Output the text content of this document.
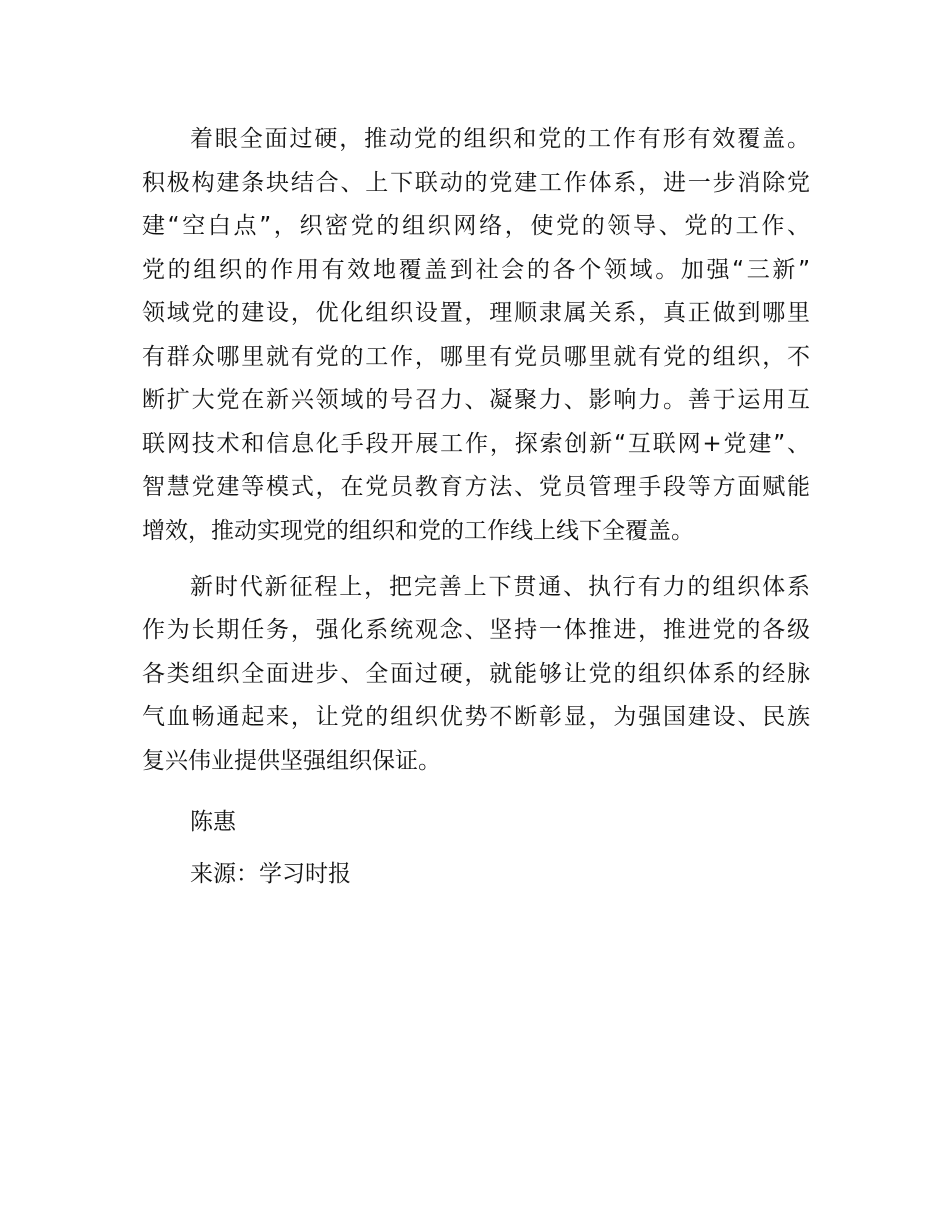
着眼全面过硬，推动党的组织和党的工作有形有效覆盖。
积极构建条块结合、上下联动的党建工作体系，进一步消除党
建“空白点”，织密党的组织网络，使党的领导、党的工作、
党的组织的作用有效地覆盖到社会的各个领域。加强“三新”
领域党的建设，优化组织设置，理顺隶属关系，真正做到哪里
有群众哪里就有党的工作，哪里有党员哪里就有党的组织，不
断扩大党在新兴领域的号召力、凝聚力、影响力。善于运用互
联网技术和信息化手段开展工作，探索创新“互联网+党建”、
智慧党建等模式，在党员教育方法、党员管理手段等方面赋能
增效，推动实现党的组织和党的工作线上线下全覆盖。
新时代新征程上，把完善上下贯通、执行有力的组织体系
作为长期任务，强化系统观念、坚持一体推进，推进党的各级
各类组织全面进步、全面过硬，就能够让党的组织体系的经脉
气血畅通起来，让党的组织优势不断彰显，为强国建设、民族
复兴伟业提供坚强组织保证。
陈惠
来源：学习时报
